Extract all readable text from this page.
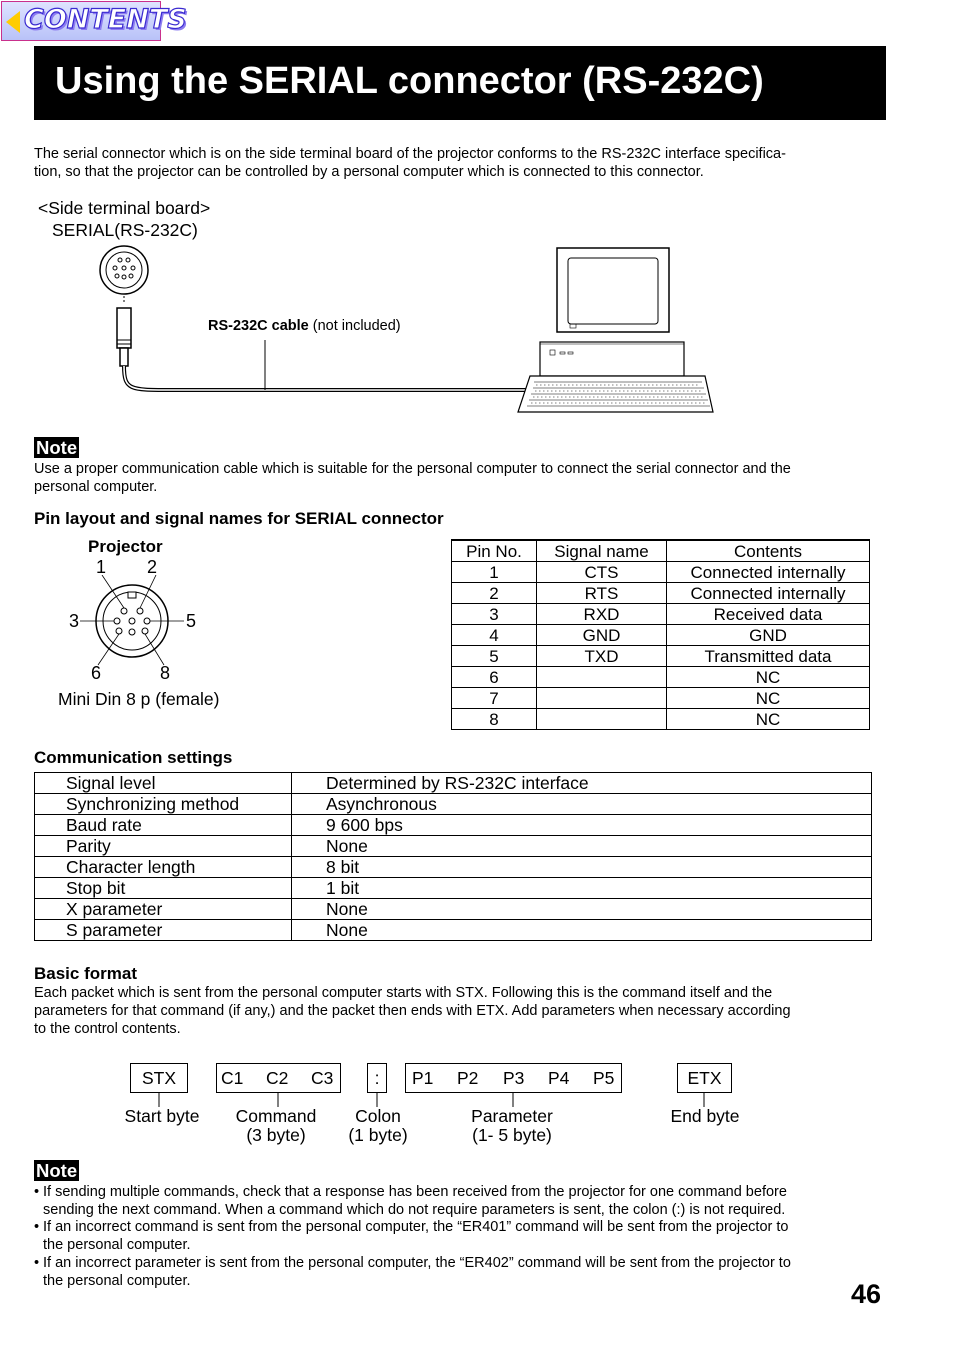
CONTENTS
Using the SERIAL connector (RS-232C)
The serial connector which is on the side terminal board of the projector conforms to the RS-232C interface specifica-
tion, so that the projector can be controlled by a personal computer which is connected to this connector.
<Side terminal board>
SERIAL(RS-232C)
RS-232C cable (not included)
Note
Use a proper communication cable which is suitable for the personal computer to connect the serial connector and the
personal computer.
Pin layout and signal names for SERIAL connector
Projector
1 2
3	5
6	8
Mini Din 8 p (female)
Pin No.	Signal name	Contents
1	CTS	Connected internally
2	RTS	Connected internally
3	RXD	Received data
4	GND	GND
5	TXD	Transmitted data
6		NC
7		NC
8		NC
Communication settings
Signal level	Determined by RS-232C interface
Synchronizing method	Asynchronous
Baud rate	9 600 bps
Parity	None
Character length	8 bit
Stop bit	1 bit
X parameter	None
S parameter	None
Basic format
Each packet which is sent from the personal computer starts with STX. Following this is the command itself and the
parameters for that command (if any,) and the packet then ends with ETX. Add parameters when necessary according
to the control contents.
STX	C1 C2 C3	:	P1 P2 P3 P4 P5	ETX
Start byte	Command
(3 byte)
Colon
(1 byte)
Parameter
(1- 5 byte)
End byte
Note
• If sending multiple commands, check that a response has been received from the projector for one command before
sending the next command. When a command which do not require parameters is sent, the colon (:) is not required.
• If an incorrect command is sent from the personal computer, the “ER401” command will be sent from the projector to
the personal computer.
• If an incorrect parameter is sent from the personal computer, the “ER402” command will be sent from the projector to
the personal computer.	46
